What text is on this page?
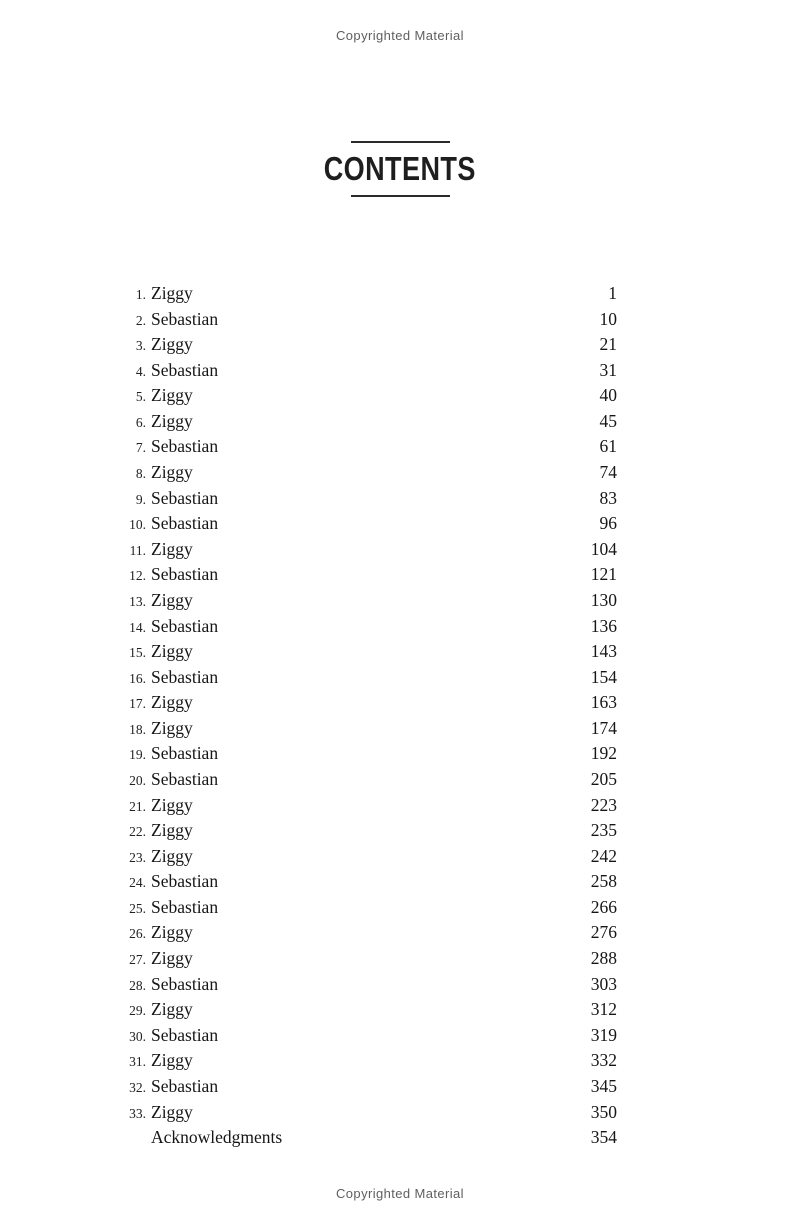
Copyrighted Material
CONTENTS
1. Ziggy	1
2. Sebastian	10
3. Ziggy	21
4. Sebastian	31
5. Ziggy	40
6. Ziggy	45
7. Sebastian	61
8. Ziggy	74
9. Sebastian	83
10. Sebastian	96
11. Ziggy	104
12. Sebastian	121
13. Ziggy	130
14. Sebastian	136
15. Ziggy	143
16. Sebastian	154
17. Ziggy	163
18. Ziggy	174
19. Sebastian	192
20. Sebastian	205
21. Ziggy	223
22. Ziggy	235
23. Ziggy	242
24. Sebastian	258
25. Sebastian	266
26. Ziggy	276
27. Ziggy	288
28. Sebastian	303
29. Ziggy	312
30. Sebastian	319
31. Ziggy	332
32. Sebastian	345
33. Ziggy	350
Acknowledgments	354
Copyrighted Material
